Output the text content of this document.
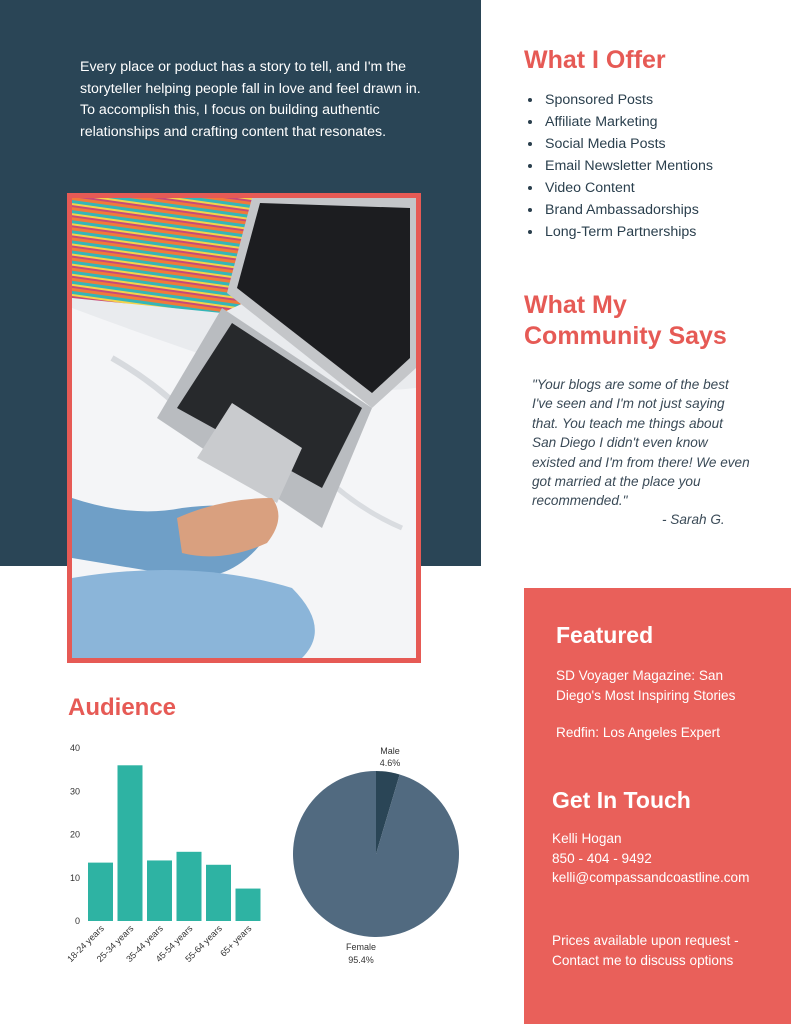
Every place or poduct has a story to tell, and I'm the storyteller helping people fall in love and feel drawn in. To accomplish this, I focus on building authentic relationships and crafting content that resonates.
What I Offer
• Sponsored Posts
• Affiliate Marketing
• Social Media Posts
• Email Newsletter Mentions
• Video Content
• Brand Ambassadorships
• Long-Term Partnerships
What My
Community Says
"Your blogs are some of the best I've seen and I'm not just saying that. You teach me things about San Diego I didn't even know existed and I'm from there! We even got married at the place you recommended."
- Sarah G.
Featured
SD Voyager Magazine: San Diego's Most Inspiring Stories
Redfin: Los Angeles Expert
Get In Touch
Kelli Hogan
850 - 404 - 9492
kelli@compassandcoastline.com
Prices available upon request - Contact me to discuss options
Audience
0
10
20
30
40
18-24 years
25-34 years
35-44 years
45-54 years
55-64 years
65+ years
Male
4.6%
Female
95.4%
